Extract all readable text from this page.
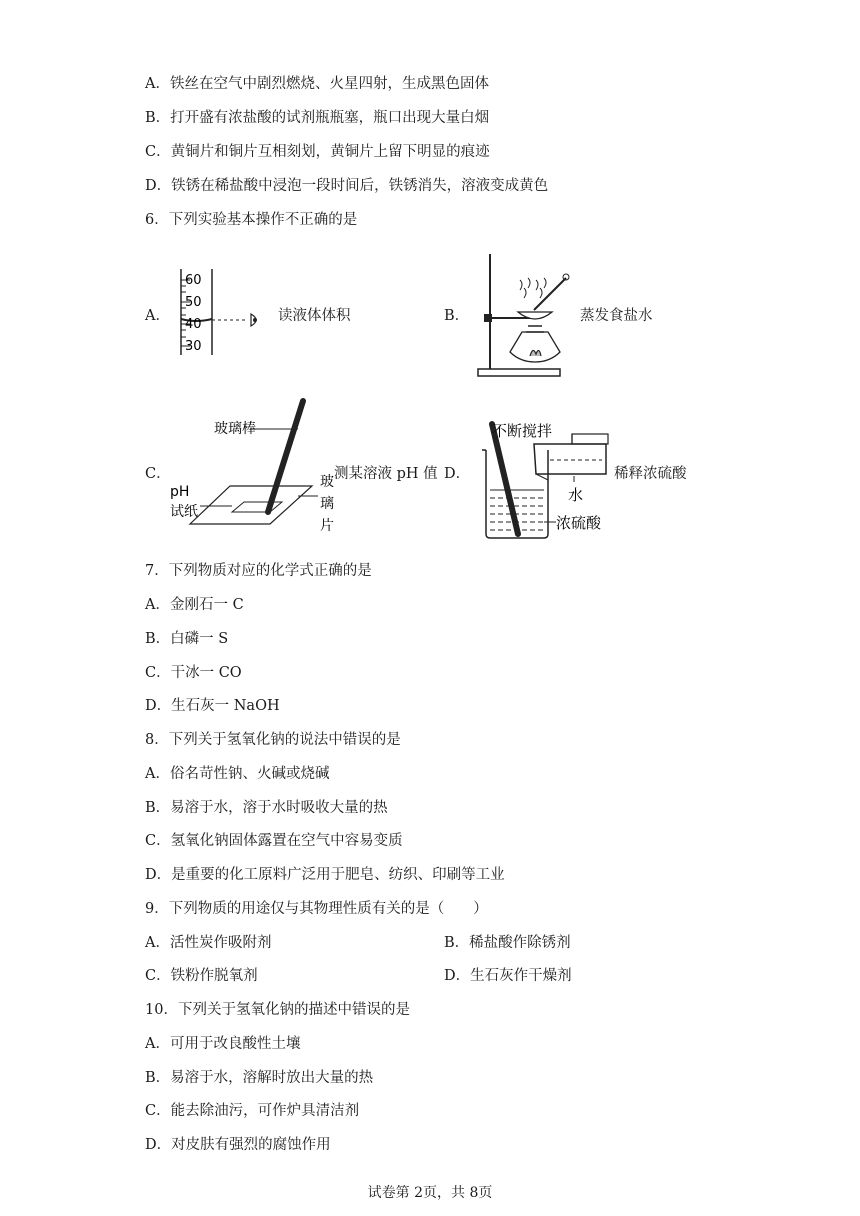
A．铁丝在空气中剧烈燃烧、火星四射，生成黑色固体
B．打开盛有浓盐酸的试剂瓶瓶塞，瓶口出现大量白烟
C．黄铜片和铜片互相刻划，黄铜片上留下明显的痕迹
D．铁锈在稀盐酸中浸泡一段时间后，铁锈消失，溶液变成黄色
6．下列实验基本操作不正确的是
A．
60
50
40
30
读液体体积	B．	蒸发食盐水
C．
玻璃棒
pH
试纸
玻
璃
片
测某溶液 pH 值 D．
不断搅拌
水
浓硫酸
稀释浓硫酸
7．下列物质对应的化学式正确的是
A．金刚石一 C
B．白磷一 S
C．干冰一 CO
D．生石灰一 NaOH
8．下列关于氢氧化钠的说法中错误的是
A．俗名苛性钠、火碱或烧碱
B．易溶于水，溶于水时吸收大量的热
C．氢氧化钠固体露置在空气中容易变质
D．是重要的化工原料广泛用于肥皂、纺织、印刷等工业
9．下列物质的用途仅与其物理性质有关的是（　　）
A．活性炭作吸附剂	B．稀盐酸作除锈剂
C．铁粉作脱氧剂	D．生石灰作干燥剂
10．下列关于氢氧化钠的描述中错误的是
A．可用于改良酸性土壤
B．易溶于水，溶解时放出大量的热
C．能去除油污，可作炉具清洁剂
D．对皮肤有强烈的腐蚀作用
试卷第 2页，共 8页
